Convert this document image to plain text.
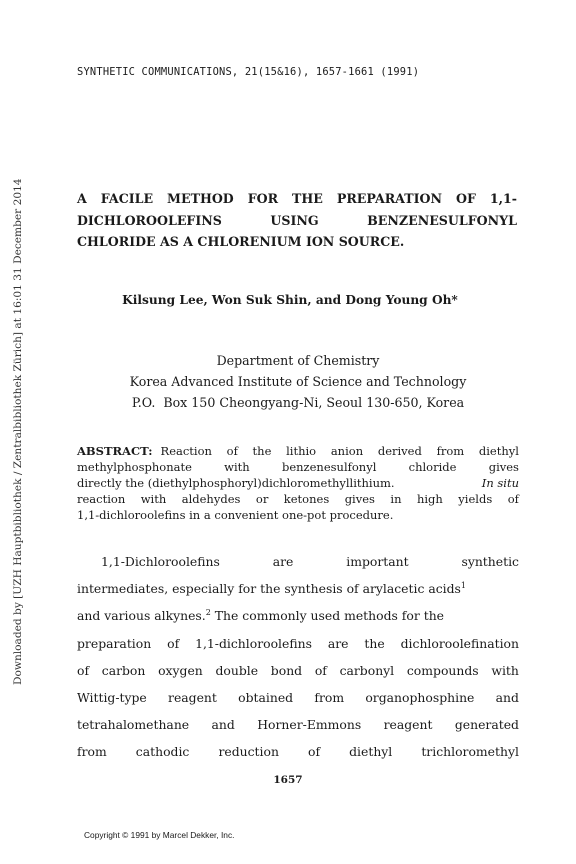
SYNTHETIC COMMUNICATIONS, 21(15&16), 1657-1661 (1991)
Downloaded by [UZH Hauptbibliothek / Zentralbibliothek Zürich] at 16:01 31 December 2014	A FACILE METHOD FOR THE PREPARATION OF 1,1-
DICHLOROOLEFINS	USING	BENZENESULFONYL
CHLORIDE AS A CHLORENIUM ION SOURCE.
Kilsung Lee, Won Suk Shin, and Dong Young Oh*
Department of Chemistry
Korea Advanced Institute of Science and Technology
P.O.  Box 150 Cheongyang-Ni, Seoul 130-650, Korea
ABSTRACT: Reaction of the lithio anion derived from diethyl
methylphosphonate	with	benzenesulfonyl	chloride	gives
directly the (diethylphosphoryl)dichloromethyllithium.	In situ
reaction with aldehydes or ketones gives in high yields of
1,1-dichloroolefins in a convenient one-pot procedure.
1,1-Dichloroolefins	are	important	synthetic
intermediates, especially for the synthesis of arylacetic acids$^1$
and various alkynes.$^2$ The commonly used methods for the
preparation of 1,1-dichloroolefins are the dichloroolefination
of carbon oxygen double bond of carbonyl compounds with
Wittig-type reagent obtained from organophosphine and
tetrahalomethane and Horner-Emmons reagent generated
from cathodic reduction of diethyl trichloromethyl
1657
Copyright © 1991 by Marcel Dekker, Inc.
